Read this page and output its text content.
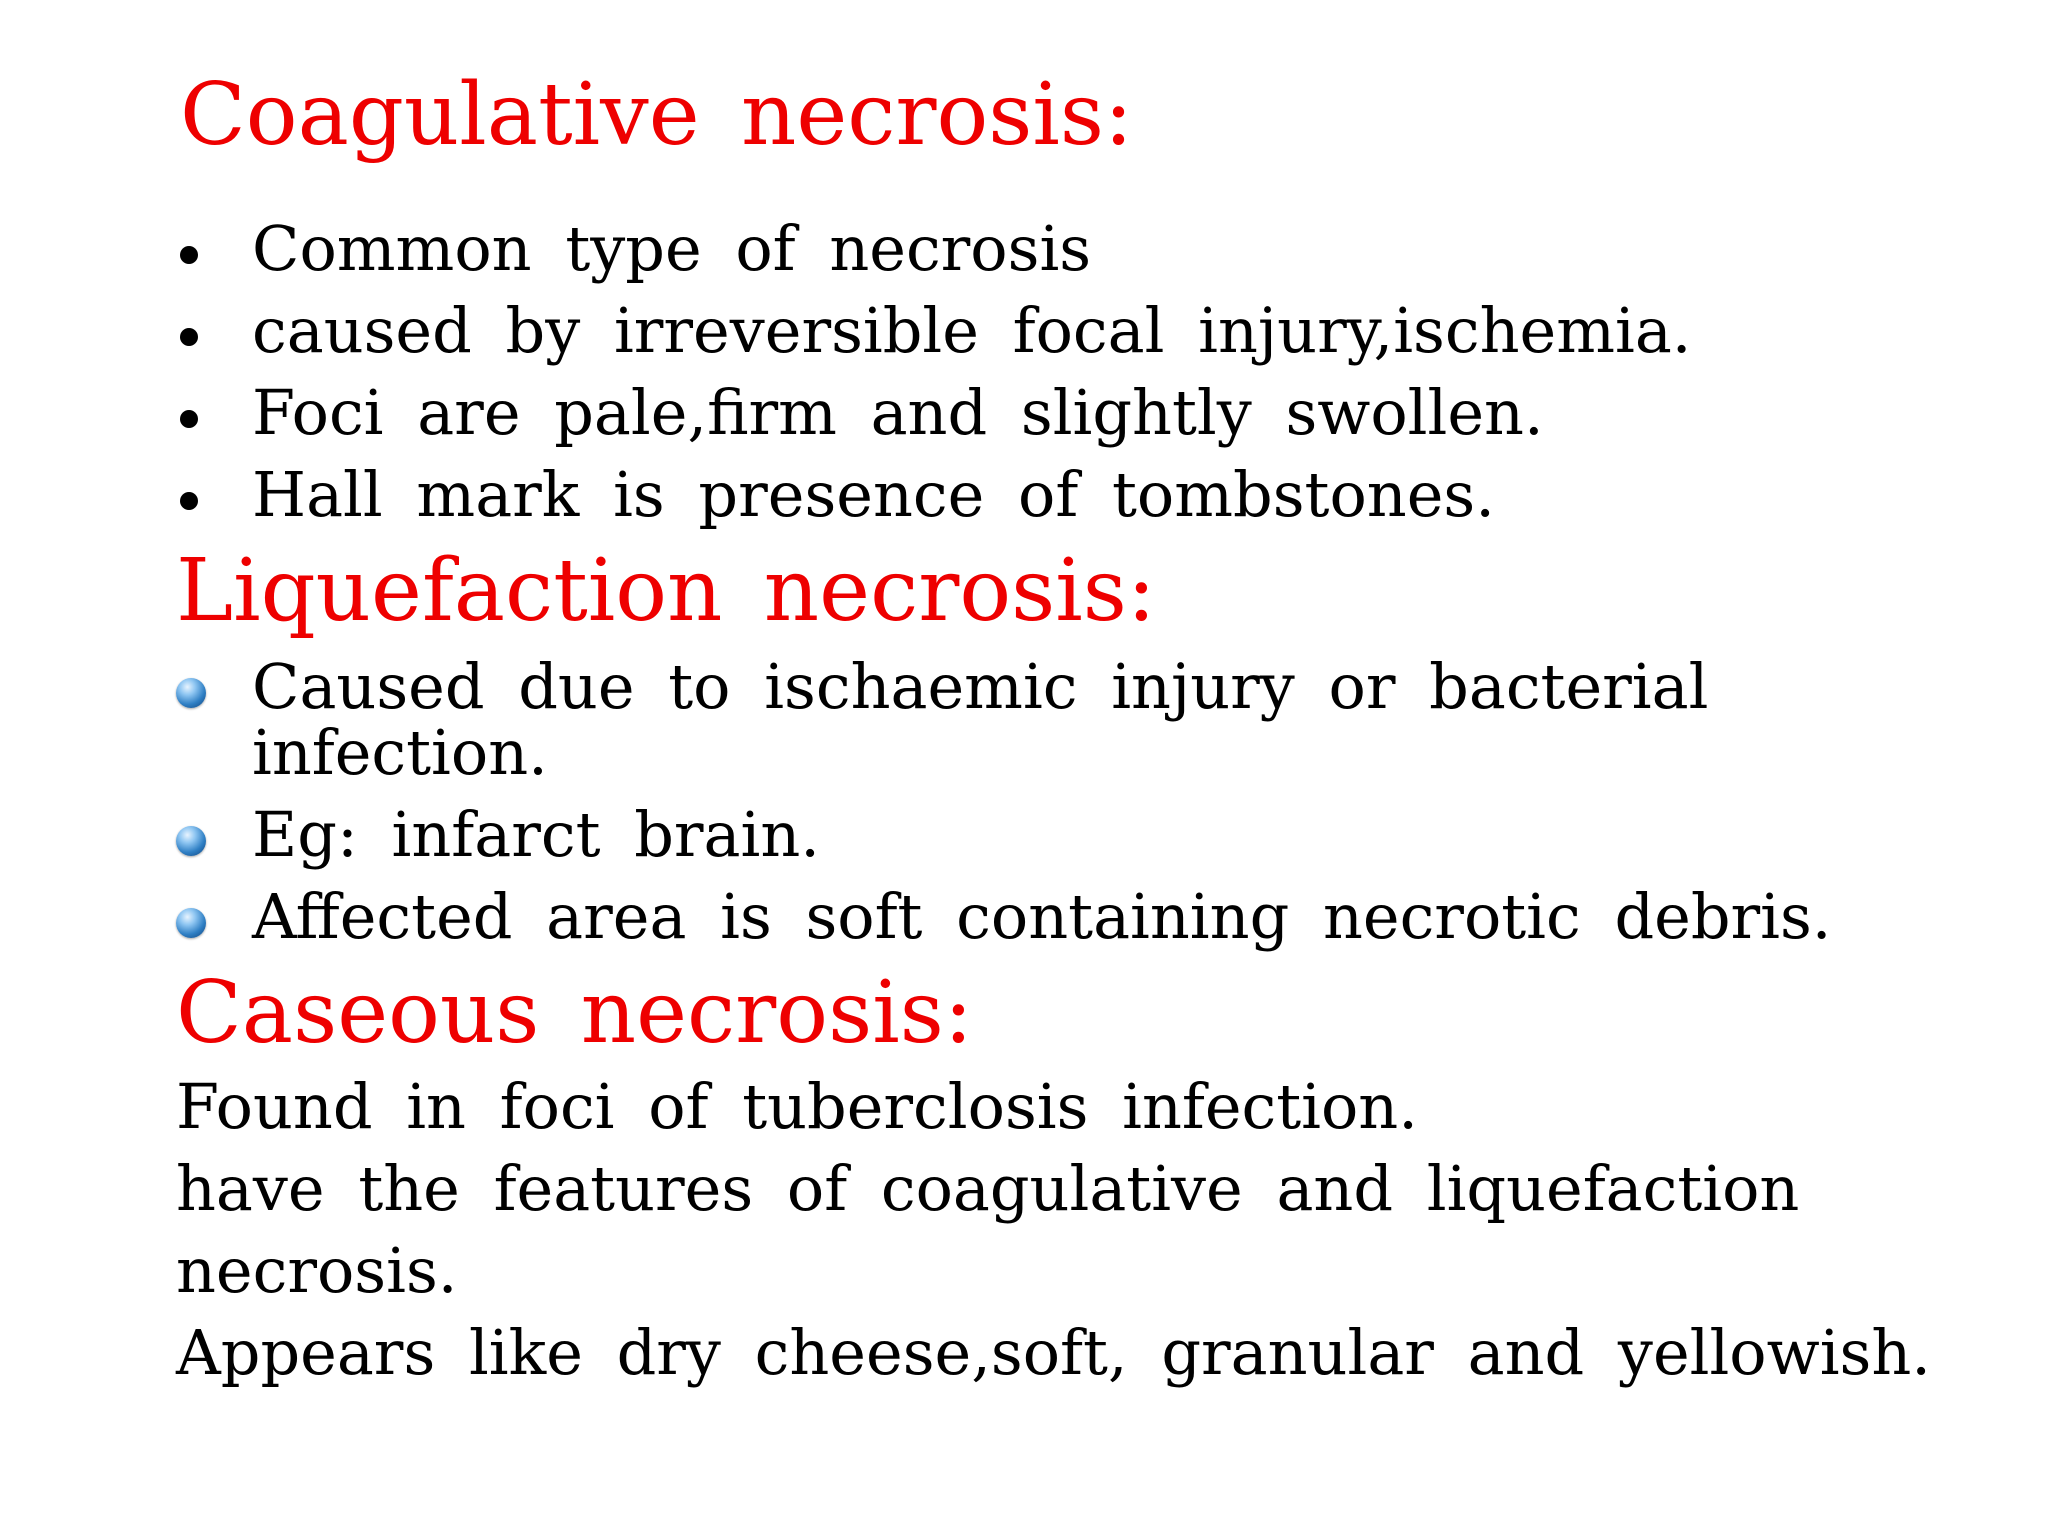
Coagulative necrosis:
Common type of necrosis
caused by irreversible focal injury,ischemia.
Foci are pale,firm and slightly swollen.
Hall mark is presence of tombstones.
Liquefaction necrosis:
Caused due to ischaemic injury or bacterial
infection.
Eg: infarct brain.
Affected area is soft containing necrotic debris.
Caseous necrosis:
Found in foci of tuberclosis infection.
have the features of coagulative and liquefaction
necrosis.
Appears like dry cheese,soft, granular and yellowish.
